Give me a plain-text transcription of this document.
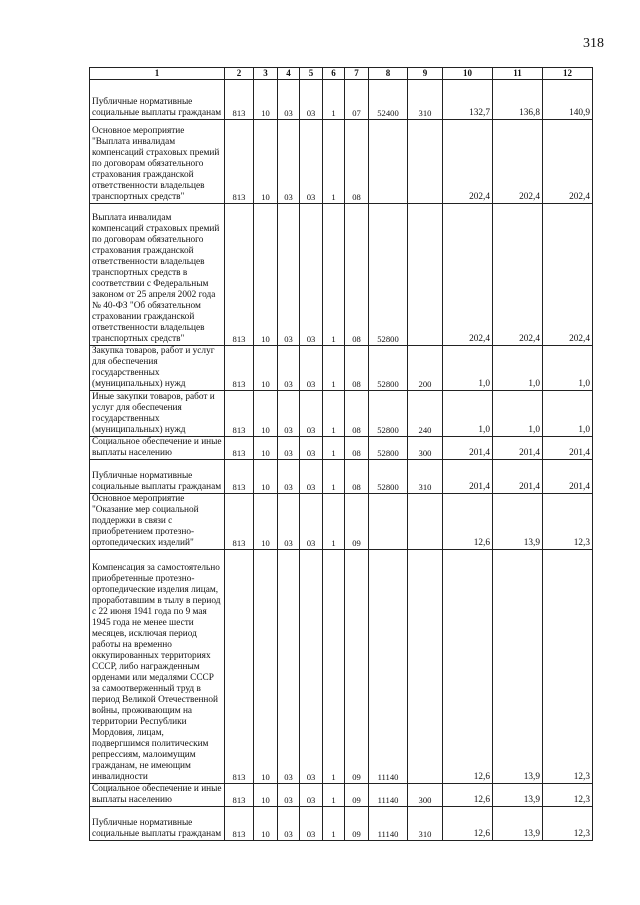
318
1	2	3	4	5	6	7	8	9	10	11	12
Публичные нормативные социальные выплаты гражданам	813	10	03	03	1	07	52400	310	132,7	136,8	140,9
Основное мероприятие "Выплата инвалидам компенсаций страховых премий по договорам обязательного страхования гражданской ответственности владельцев транспортных средств"	813	10	03	03	1	08			202,4	202,4	202,4
Выплата инвалидам компенсаций страховых премий по договорам обязательного страхования гражданской ответственности владельцев транспортных средств в соответствии с Федеральным законом от 25 апреля 2002 года № 40-ФЗ "Об обязательном страховании гражданской ответственности владельцев транспортных средств"	813	10	03	03	1	08	52800		202,4	202,4	202,4
Закупка товаров, работ и услуг для обеспечения государственных (муниципальных) нужд	813	10	03	03	1	08	52800	200	1,0	1,0	1,0
Иные закупки товаров, работ и услуг для обеспечения государственных (муниципальных) нужд	813	10	03	03	1	08	52800	240	1,0	1,0	1,0
Социальное обеспечение и иные выплаты населению	813	10	03	03	1	08	52800	300	201,4	201,4	201,4
Публичные нормативные социальные выплаты гражданам	813	10	03	03	1	08	52800	310	201,4	201,4	201,4
Основное мероприятие "Оказание мер социальной поддержки в связи с приобретением протезно-ортопедических изделий"	813	10	03	03	1	09			12,6	13,9	12,3
Компенсация за самостоятельно приобретенные протезно-ортопедические изделия лицам, проработавшим в тылу в период с 22 июня 1941 года по 9 мая 1945 года не менее шести месяцев, исключая период работы на временно оккупированных территориях СССР, либо награжденным орденами или медалями СССР за самоотверженный труд в период Великой Отечественной войны, проживающим на территории Республики Мордовия, лицам, подвергшимся политическим репрессиям, малоимущим гражданам, не имеющим инвалидности	813	10	03	03	1	09	11140		12,6	13,9	12,3
Социальное обеспечение и иные выплаты населению	813	10	03	03	1	09	11140	300	12,6	13,9	12,3
Публичные нормативные социальные выплаты гражданам	813	10	03	03	1	09	11140	310	12,6	13,9	12,3
